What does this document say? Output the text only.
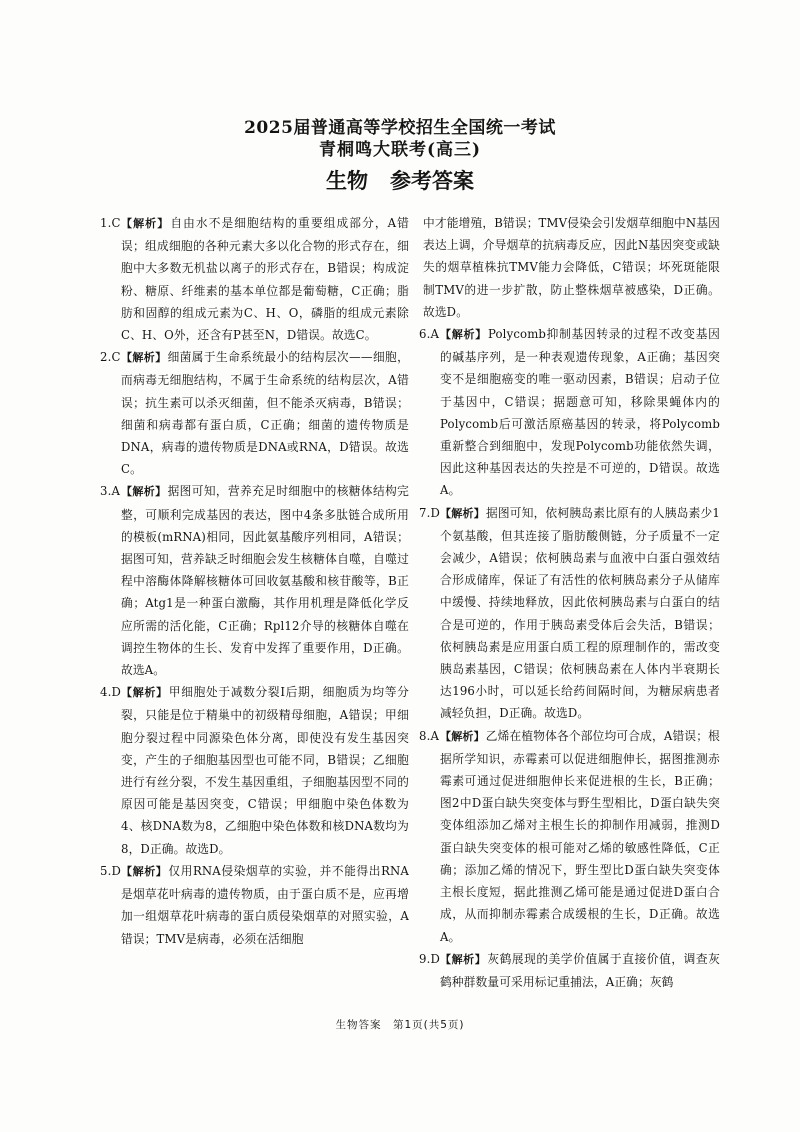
2025届普通高等学校招生全国统一考试
青桐鸣大联考(高三)
生物 参考答案
1.C 【解析】自由水不是细胞结构的重要组成部分，A错误；组成细胞的各种元素大多以化合物的形式存在，细胞中大多数无机盐以离子的形式存在，B错误；构成淀粉、糖原、纤维素的基本单位都是葡萄糖，C正确；脂肪和固醇的组成元素为C、H、O，磷脂的组成元素除C、H、O外，还含有P甚至N，D错误。故选C。
2.C 【解析】细菌属于生命系统最小的结构层次——细胞，而病毒无细胞结构，不属于生命系统的结构层次，A错误；抗生素可以杀灭细菌，但不能杀灭病毒，B错误；细菌和病毒都有蛋白质，C正确；细菌的遗传物质是DNA，病毒的遗传物质是DNA或RNA，D错误。故选C。
3.A 【解析】据图可知，营养充足时细胞中的核糖体结构完整，可顺利完成基因的表达，图中4条多肽链合成所用的模板(mRNA)相同，因此氨基酸序列相同，A错误；据图可知，营养缺乏时细胞会发生核糖体自噬，自噬过程中溶酶体降解核糖体可回收氨基酸和核苷酸等，B正确；Atg1是一种蛋白激酶，其作用机理是降低化学反应所需的活化能，C正确；Rpl12介导的核糖体自噬在调控生物体的生长、发育中发挥了重要作用，D正确。故选A。
4.D 【解析】甲细胞处于减数分裂Ⅰ后期，细胞质为均等分裂，只能是位于精巢中的初级精母细胞，A错误；甲细胞分裂过程中同源染色体分离，即使没有发生基因突变，产生的子细胞基因型也可能不同，B错误；乙细胞进行有丝分裂，不发生基因重组，子细胞基因型不同的原因可能是基因突变，C错误；甲细胞中染色体数为4、核DNA数为8，乙细胞中染色体数和核DNA数均为8，D正确。故选D。
5.D 【解析】仅用RNA侵染烟草的实验，并不能得出RNA是烟草花叶病毒的遗传物质，由于蛋白质不是，应再增加一组烟草花叶病毒的蛋白质侵染烟草的对照实验，A错误；TMV是病毒，必须在活细胞
中才能增殖，B错误；TMV侵染会引发烟草细胞中N基因表达上调，介导烟草的抗病毒反应，因此N基因突变或缺失的烟草植株抗TMV能力会降低，C错误；坏死斑能限制TMV的进一步扩散，防止整株烟草被感染，D正确。故选D。
6.A 【解析】Polycomb抑制基因转录的过程不改变基因的碱基序列，是一种表观遗传现象，A正确；基因突变不是细胞癌变的唯一驱动因素，B错误；启动子位于基因中，C错误；据题意可知，移除果蝇体内的Polycomb后可激活原癌基因的转录，将Polycomb重新整合到细胞中，发现Polycomb功能依然失调，因此这种基因表达的失控是不可逆的，D错误。故选A。
7.D 【解析】据图可知，依柯胰岛素比原有的人胰岛素少1个氨基酸，但其连接了脂肪酸侧链，分子质量不一定会减少，A错误；依柯胰岛素与血液中白蛋白强效结合形成储库，保证了有活性的依柯胰岛素分子从储库中缓慢、持续地释放，因此依柯胰岛素与白蛋白的结合是可逆的，作用于胰岛素受体后会失活，B错误；依柯胰岛素是应用蛋白质工程的原理制作的，需改变胰岛素基因，C错误；依柯胰岛素在人体内半衰期长达196小时，可以延长给药间隔时间，为糖尿病患者减轻负担，D正确。故选D。
8.A 【解析】乙烯在植物体各个部位均可合成，A错误；根据所学知识，赤霉素可以促进细胞伸长，据图推测赤霉素可通过促进细胞伸长来促进根的生长，B正确；图2中D蛋白缺失突变体与野生型相比，D蛋白缺失突变体组添加乙烯对主根生长的抑制作用减弱，推测D蛋白缺失突变体的根可能对乙烯的敏感性降低，C正确；添加乙烯的情况下，野生型比D蛋白缺失突变体主根长度短，据此推测乙烯可能是通过促进D蛋白合成，从而抑制赤霉素合成缓根的生长，D正确。故选A。
9.D 【解析】灰鹤展现的美学价值属于直接价值，调查灰鹤种群数量可采用标记重捕法，A正确；灰鹤
生物答案　第1页(共5页)
